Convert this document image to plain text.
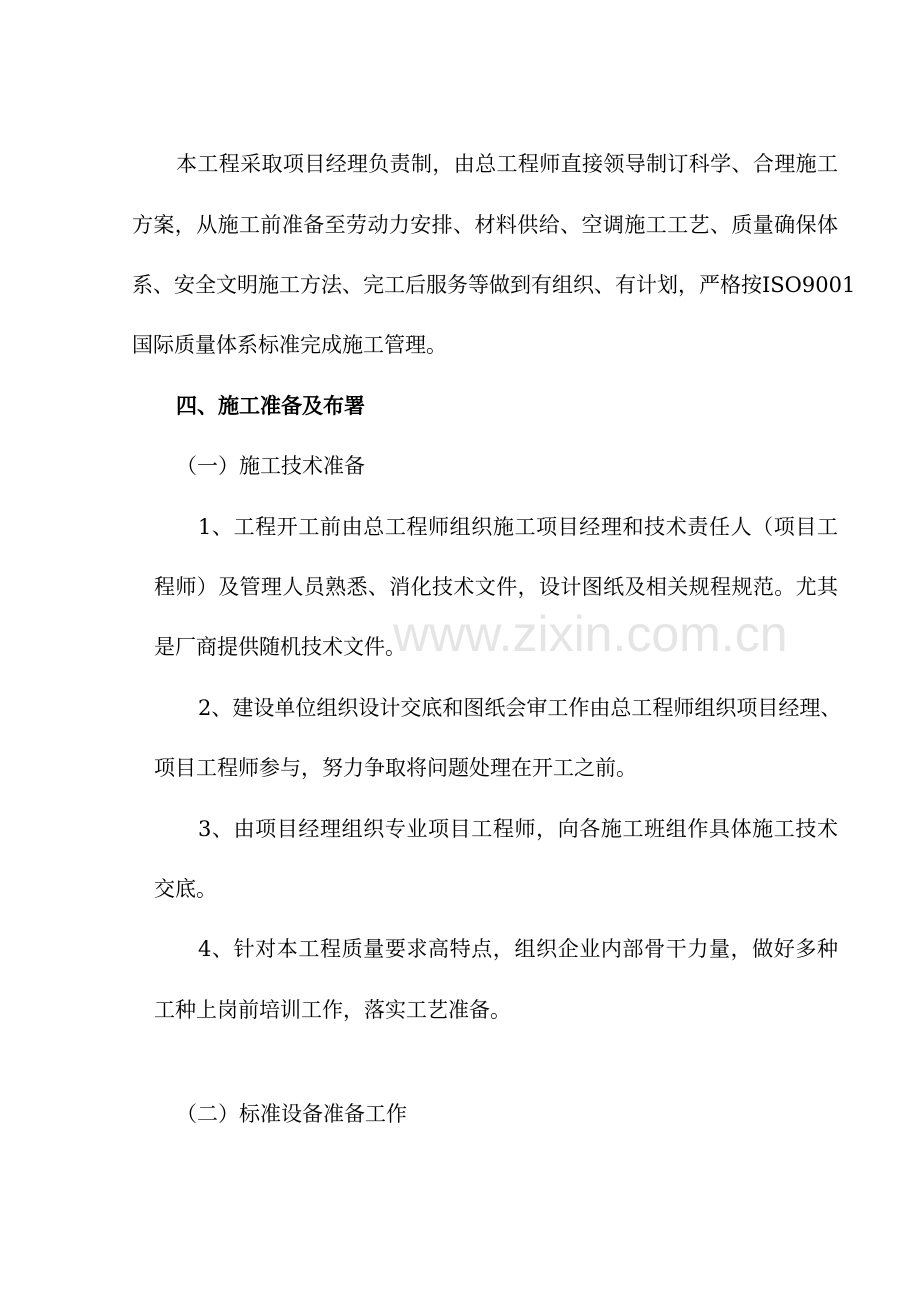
本工程采取项目经理负责制，由总工程师直接领导制订科学、合理施工
方案，从施工前准备至劳动力安排、材料供给、空调施工工艺、质量确保体
系、安全文明施工方法、完工后服务等做到有组织、有计划，严格按ISO9001
国际质量体系标准完成施工管理。
四、施工准备及布署
（一）施工技术准备
1、工程开工前由总工程师组织施工项目经理和技术责任人（项目工
程师）及管理人员熟悉、消化技术文件，设计图纸及相关规程规范。尤其
是厂商提供随机技术文件。
2、建设单位组织设计交底和图纸会审工作由总工程师组织项目经理、
项目工程师参与，努力争取将问题处理在开工之前。
3、由项目经理组织专业项目工程师，向各施工班组作具体施工技术
交底。
4、针对本工程质量要求高特点，组织企业内部骨干力量，做好多种
工种上岗前培训工作，落实工艺准备。
（二）标准设备准备工作
www.zixin.com.cn
